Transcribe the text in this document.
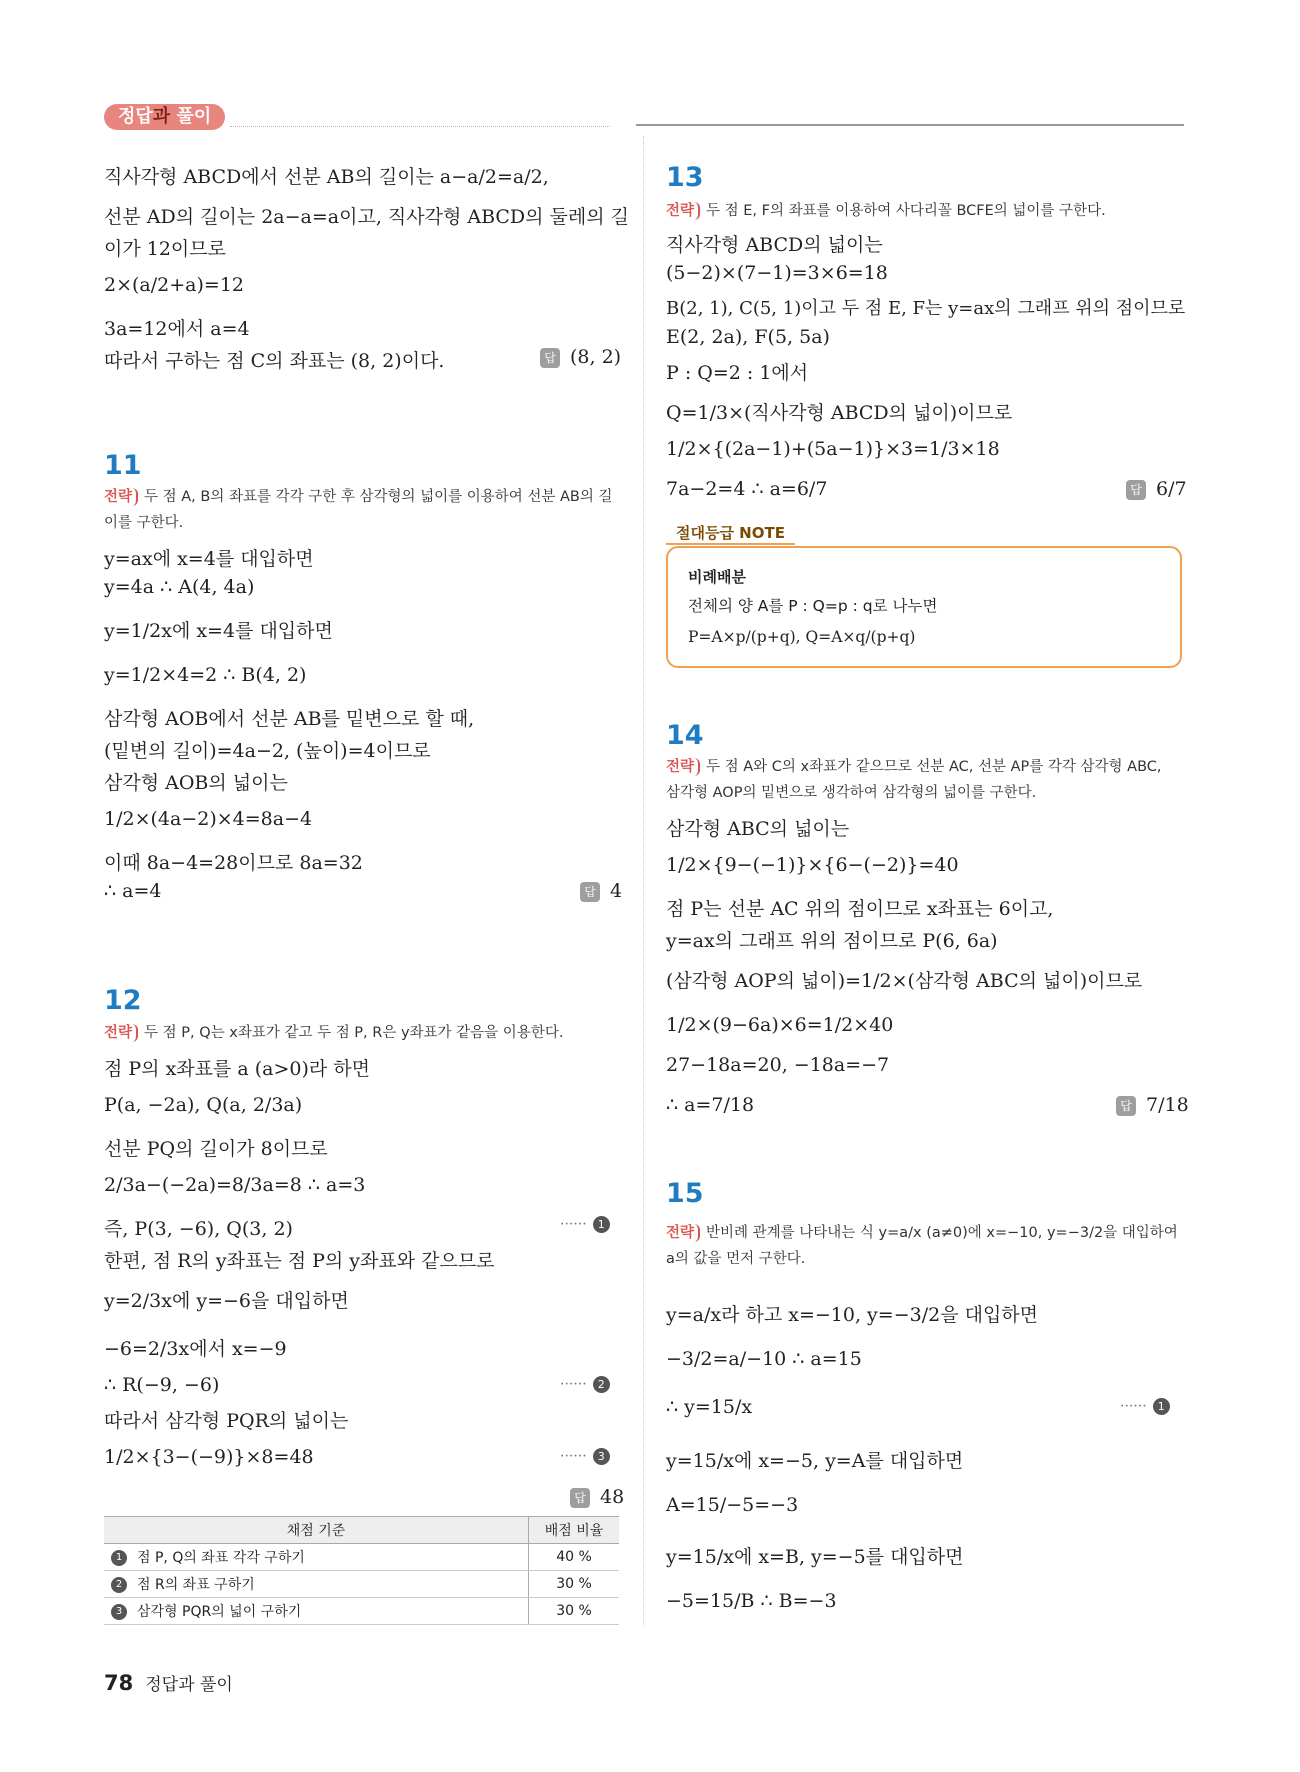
정답과 풀이
직사각형 ABCD에서 선분 AB의 길이는 a−a/2=a/2,
선분 AD의 길이는 2a−a=a이고, 직사각형 ABCD의 둘레의 길
이가 12이므로
2×(a/2+a)=12
3a=12에서 a=4
따라서 구하는 점 C의 좌표는 (8, 2)이다.	답 (8, 2)
11
전략 두 점 A, B의 좌표를 각각 구한 후 삼각형의 넓이를 이용하여 선분 AB의 길이를 구한다.
y=ax에 x=4를 대입하면
y=4a ∴ A(4, 4a)
y=1/2x에 x=4를 대입하면
y=1/2×4=2 ∴ B(4, 2)
삼각형 AOB에서 선분 AB를 밑변으로 할 때,
(밑변의 길이)=4a−2, (높이)=4이므로
삼각형 AOB의 넓이는
1/2×(4a−2)×4=8a−4
이때 8a−4=28이므로 8a=32
∴ a=4	답 4
12
전략 두 점 P, Q는 x좌표가 같고 두 점 P, R은 y좌표가 같음을 이용한다.
점 P의 x좌표를 a (a>0)라 하면
P(a, −2a), Q(a, 2/3a)
선분 PQ의 길이가 8이므로
2/3a−(−2a)=8/3a=8 ∴ a=3
즉, P(3, −6), Q(3, 2)	······ 1
한편, 점 R의 y좌표는 점 P의 y좌표와 같으므로
y=2/3x에 y=−6을 대입하면
−6=2/3x에서 x=−9
∴ R(−9, −6)	······ 2
따라서 삼각형 PQR의 넓이는
1/2×{3−(−9)}×8=48	······ 3
답 48
채점 기준	배점 비율
1 점 P, Q의 좌표 각각 구하기	40 %
2 점 R의 좌표 구하기	30 %
3 삼각형 PQR의 넓이 구하기	30 %
13
전략 두 점 E, F의 좌표를 이용하여 사다리꼴 BCFE의 넓이를 구한다.
직사각형 ABCD의 넓이는
(5−2)×(7−1)=3×6=18
B(2, 1), C(5, 1)이고 두 점 E, F는 y=ax의 그래프 위의 점이므로
E(2, 2a), F(5, 5a)
P : Q=2 : 1에서
Q=1/3×(직사각형 ABCD의 넓이)이므로
1/2×{(2a−1)+(5a−1)}×3=1/3×18
7a−2=4 ∴ a=6/7	답 6/7
비례배분
전체의 양 A를 P : Q=p : q로 나누면
P=A×p/(p+q), Q=A×q/(p+q)
절대등급 NOTE
14
전략 두 점 A와 C의 x좌표가 같으므로 선분 AC, 선분 AP를 각각 삼각형 ABC, 삼각형 AOP의 밑변으로 생각하여 삼각형의 넓이를 구한다.
삼각형 ABC의 넓이는
1/2×{9−(−1)}×{6−(−2)}=40
점 P는 선분 AC 위의 점이므로 x좌표는 6이고,
y=ax의 그래프 위의 점이므로 P(6, 6a)
(삼각형 AOP의 넓이)=1/2×(삼각형 ABC의 넓이)이므로
1/2×(9−6a)×6=1/2×40
27−18a=20, −18a=−7
∴ a=7/18	답 7/18
15
전략 반비례 관계를 나타내는 식 y=a/x (a≠0)에 x=−10, y=−3/2을 대입하여 a의 값을 먼저 구한다.
y=a/x라 하고 x=−10, y=−3/2을 대입하면
−3/2=a/−10 ∴ a=15
∴ y=15/x	······ 1
y=15/x에 x=−5, y=A를 대입하면
A=15/−5=−3
y=15/x에 x=B, y=−5를 대입하면
−5=15/B ∴ B=−3
78 정답과 풀이
